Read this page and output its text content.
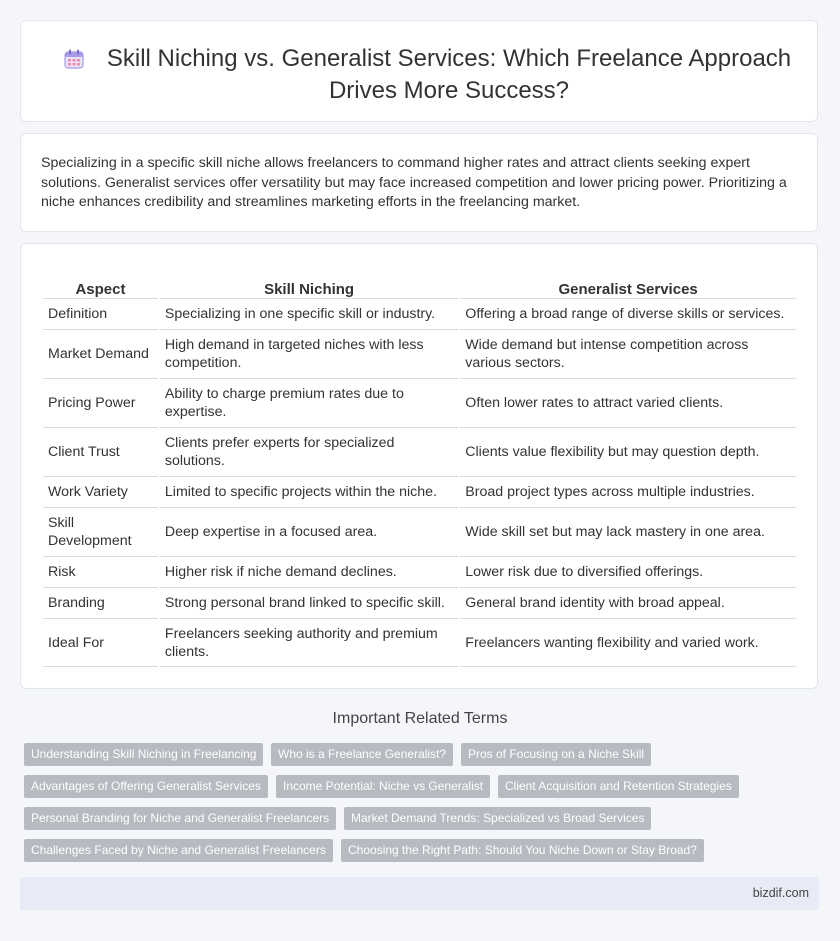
Skill Niching vs. Generalist Services: Which Freelance Approach Drives More Success?

Specializing in a specific skill niche allows freelancers to command higher rates and attract clients seeking expert solutions. Generalist services offer versatility but may face increased competition and lower pricing power. Prioritizing a niche enhances credibility and streamlines marketing efforts in the freelancing market.

Aspect	Skill Niching	Generalist Services
Definition	Specializing in one specific skill or industry.	Offering a broad range of diverse skills or services.
Market Demand	High demand in targeted niches with less competition.	Wide demand but intense competition across various sectors.
Pricing Power	Ability to charge premium rates due to expertise.	Often lower rates to attract varied clients.
Client Trust	Clients prefer experts for specialized solutions.	Clients value flexibility but may question depth.
Work Variety	Limited to specific projects within the niche.	Broad project types across multiple industries.
Skill Development	Deep expertise in a focused area.	Wide skill set but may lack mastery in one area.
Risk	Higher risk if niche demand declines.	Lower risk due to diversified offerings.
Branding	Strong personal brand linked to specific skill.	General brand identity with broad appeal.
Ideal For	Freelancers seeking authority and premium clients.	Freelancers wanting flexibility and varied work.
Important Related Terms
Understanding Skill Niching in Freelancing	Who is a Freelance Generalist?	Pros of Focusing on a Niche Skill
Advantages of Offering Generalist Services	Income Potential: Niche vs Generalist	Client Acquisition and Retention Strategies
Personal Branding for Niche and Generalist Freelancers	Market Demand Trends: Specialized vs Broad Services
Challenges Faced by Niche and Generalist Freelancers	Choosing the Right Path: Should You Niche Down or Stay Broad?
bizdif.com
